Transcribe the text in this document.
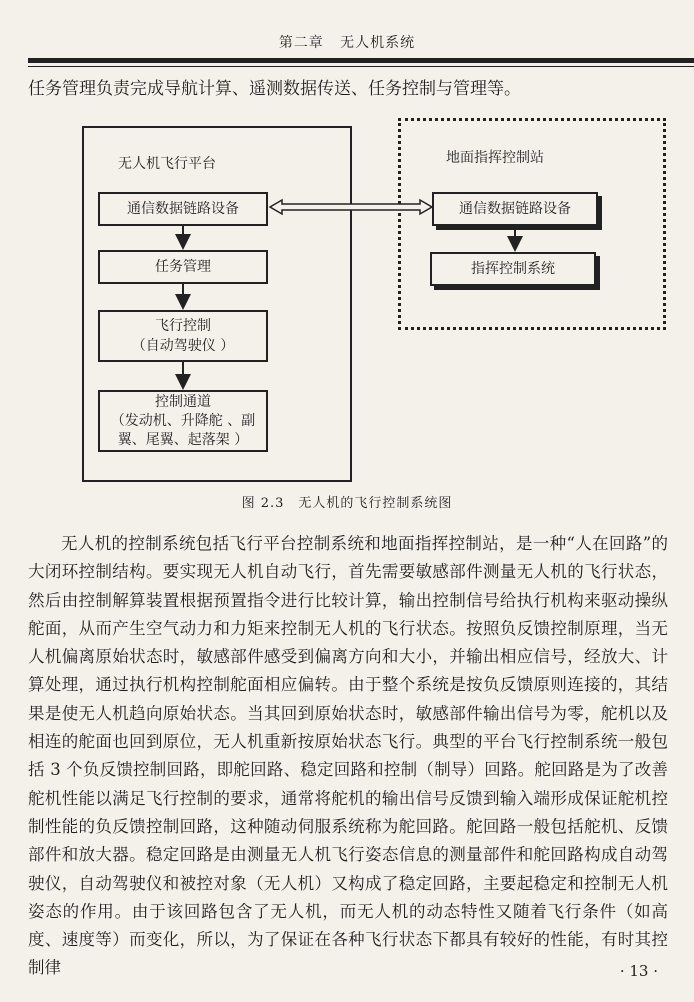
第二章 无人机系统
任务管理负责完成导航计算、遥测数据传送、任务控制与管理等。
无人机飞行平台	地面指挥控制站
通信数据链路设备
任务管理
飞行控制
（自动驾驶仪 ）
控制通道
（发动机、升降舵 、副
翼、尾翼、起落架 ）
通信数据链路设备
指挥控制系统
图 2.3　无人机的飞行控制系统图

无人机的控制系统包括飞行平台控制系统和地面指挥控制站，是一种“人在回路”的大闭环控制结构。要实现无人机自动飞行，首先需要敏感部件测量无人机的飞行状态，然后由控制解算装置根据预置指令进行比较计算，输出控制信号给执行机构来驱动操纵舵面，从而产生空气动力和力矩来控制无人机的飞行状态。按照负反馈控制原理，当无人机偏离原始状态时，敏感部件感受到偏离方向和大小，并输出相应信号，经放大、计算处理，通过执行机构控制舵面相应偏转。由于整个系统是按负反馈原则连接的，其结果是使无人机趋向原始状态。当其回到原始状态时，敏感部件输出信号为零，舵机以及相连的舵面也回到原位，无人机重新按原始状态飞行。典型的平台飞行控制系统一般包括 3 个负反馈控制回路，即舵回路、稳定回路和控制（制导）回路。舵回路是为了改善舵机性能以满足飞行控制的要求，通常将舵机的输出信号反馈到输入端形成保证舵机控制性能的负反馈控制回路，这种随动伺服系统称为舵回路。舵回路一般包括舵机、反馈部件和放大器。稳定回路是由测量无人机飞行姿态信息的测量部件和舵回路构成自动驾驶仪，自动驾驶仪和被控对象（无人机）又构成了稳定回路，主要起稳定和控制无人机姿态的作用。由于该回路包含了无人机，而无人机的动态特性又随着飞行条件（如高度、速度等）而变化，所以，为了保证在各种飞行状态下都具有较好的性能，有时其控制律	· 13 ·
